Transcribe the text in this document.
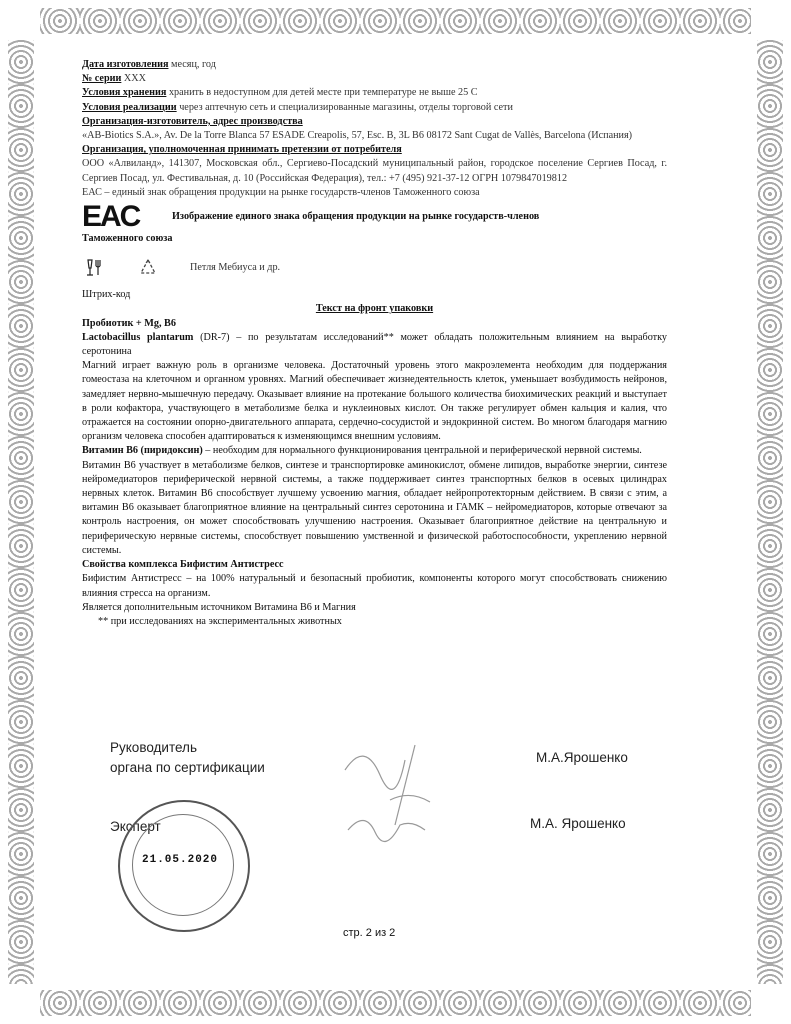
Дата изготовления месяц, год

№ серии ХХХ

Условия хранения хранить в недоступном для детей месте при температуре не выше 25 С

Условия реализации через аптечную сеть и специализированные магазины, отделы торговой сети

Организация-изготовитель, адрес производства

«AB-Biotics S.A.», Av. De la Torre Blanca 57 ESADE Creapolis, 57, Esc. B, 3L B6 08172 Sant Cugat de Vallès, Barcelona (Испания)

Организация, уполномоченная принимать претензии от потребителя

ООО «Алвиланд», 141307, Московская обл., Сергиево-Посадский муниципальный район, городское поселение Сергиев Посад, г. Сергиев Посад, ул. Фестивальная, д. 10 (Российская Федерация), тел.: +7 (495) 921-37-12 ОГРН 1079847019812

ЕАС – единый знак обращения продукции на рынке государств-членов Таможенного союза

EAC	Изображение единого знака обращения продукции на рынке государств-членов

Таможенного союза

Петля Мебиуса и др.

Штрих-код

Текст на фронт упаковки

Пробиотик + Mg, B6

Lactobacillus plantarum (DR-7) – по результатам исследований** может обладать положительным влиянием на выработку серотонина

Магний играет важную роль в организме человека. Достаточный уровень этого макроэлемента необходим для поддержания гомеостаза на клеточном и органном уровнях. Магний обеспечивает жизнедеятельность клеток, уменьшает возбудимость нейронов, замедляет нервно-мышечную передачу. Оказывает влияние на протекание большого количества биохимических реакций и выступает в роли кофактора, участвующего в метаболизме белка и нуклеиновых кислот. Он также регулирует обмен кальция и калия, что отражается на состоянии опорно-двигательного аппарата, сердечно-сосудистой и эндокринной систем. Во многом благодаря магнию организм человека способен адаптироваться к изменяющимся внешним условиям.

Витамин В6 (пиридоксин) – необходим для нормального функционирования центральной и периферической нервной системы.

Витамин В6 участвует в метаболизме белков, синтезе и транспортировке аминокислот, обмене липидов, выработке энергии, синтезе нейромедиаторов периферической нервной системы, а также поддерживает синтез транспортных белков в осевых цилиндрах нервных клеток. Витамин В6 способствует лучшему усвоению магния, обладает нейропротекторным действием. В связи с этим, а витамин В6 оказывает благоприятное влияние на центральный синтез серотонина и ГАМК – нейромедиаторов, которые отвечают за контроль настроения, он может способствовать улучшению настроения. Оказывает благоприятное действие на центральную и периферическую нервные системы, способствует повышению умственной и физической работоспособности, укреплению нервной системы.

Свойства комплекса Бифистим Антистресс

Бифистим Антистресс – на 100% натуральный и безопасный пробиотик, компоненты которого могут способствовать снижению влияния стресса на организм.

Является дополнительным источником Витамина В6 и Магния

** при исследованиях на экспериментальных животных

Руководитель
органа по сертификации
М.А.Ярошенко
Эксперт	М.А. Ярошенко
21.05.2020
стр. 2 из 2
